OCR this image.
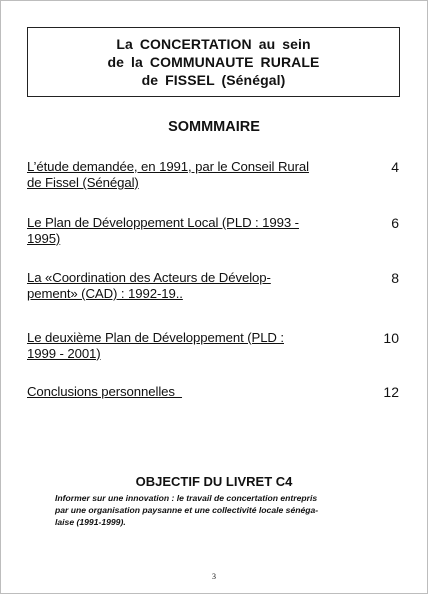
La CONCERTATION au sein
de la COMMUNAUTE RURALE
de FISSEL (Sénégal)
SOMMMAIRE
L’étude demandée, en 1991, par le Conseil Rural
de Fissel (Sénégal)
4
Le Plan de Développement Local (PLD : 1993 -
1995)
6
La «Coordination des Acteurs de Dévelop-
pement» (CAD) : 1992-19..
8
Le deuxième Plan de Développement (PLD :
1999 - 2001)
10
Conclusions personnelles	12
OBJECTIF DU LIVRET C4
Informer sur une innovation : le travail de concertation entrepris
par une organisation paysanne et une collectivité locale sénéga-
laise (1991-1999).
3
